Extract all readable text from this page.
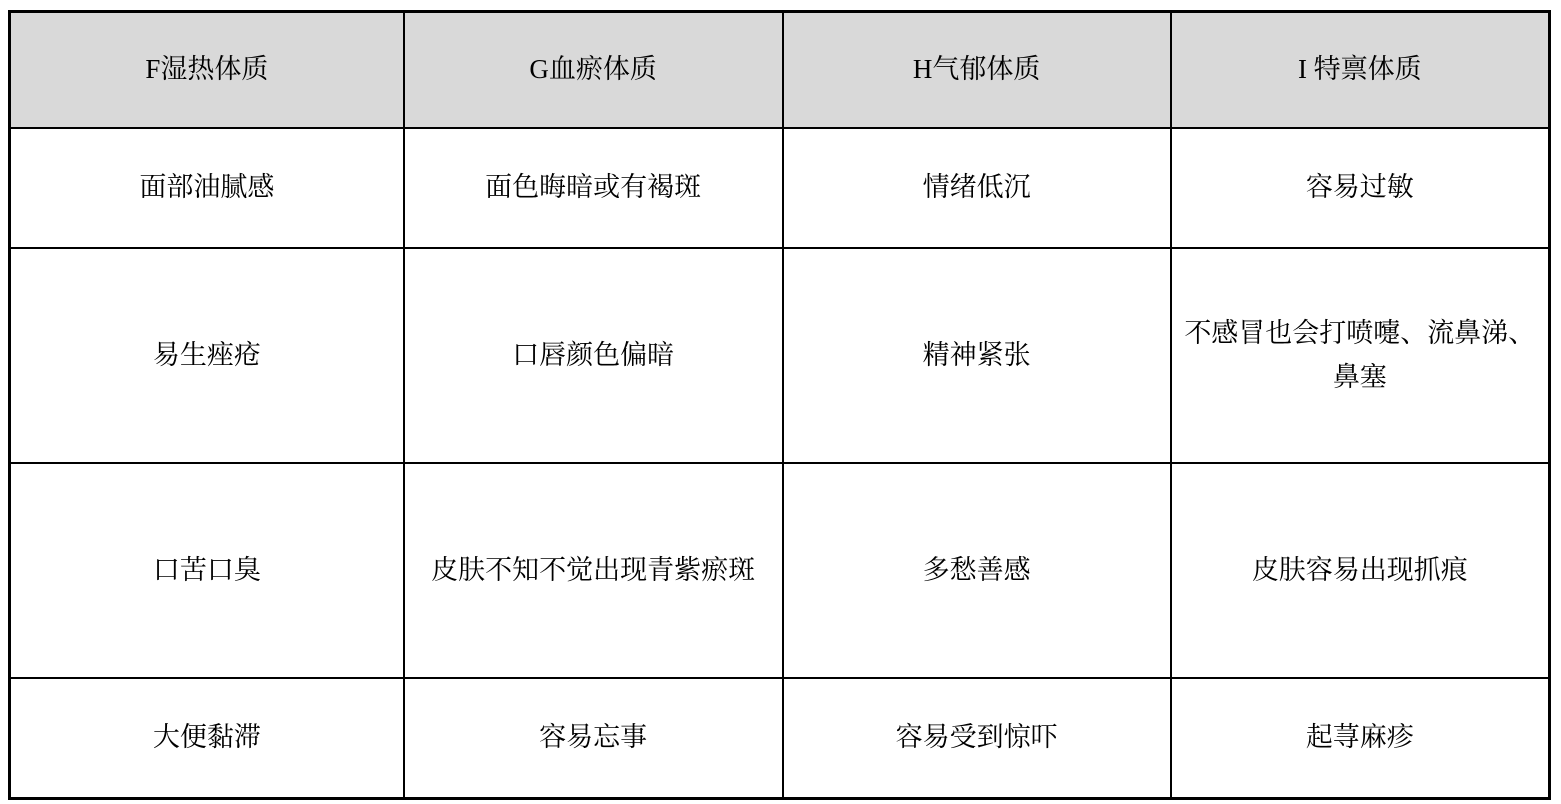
F湿热体质	G血瘀体质	H气郁体质	I 特禀体质
面部油腻感	面色晦暗或有褐斑	情绪低沉	容易过敏
易生痤疮	口唇颜色偏暗	精神紧张	不感冒也会打喷嚏、流鼻涕、鼻塞
口苦口臭	皮肤不知不觉出现青紫瘀斑	多愁善感	皮肤容易出现抓痕
大便黏滞	容易忘事	容易受到惊吓	起荨麻疹
